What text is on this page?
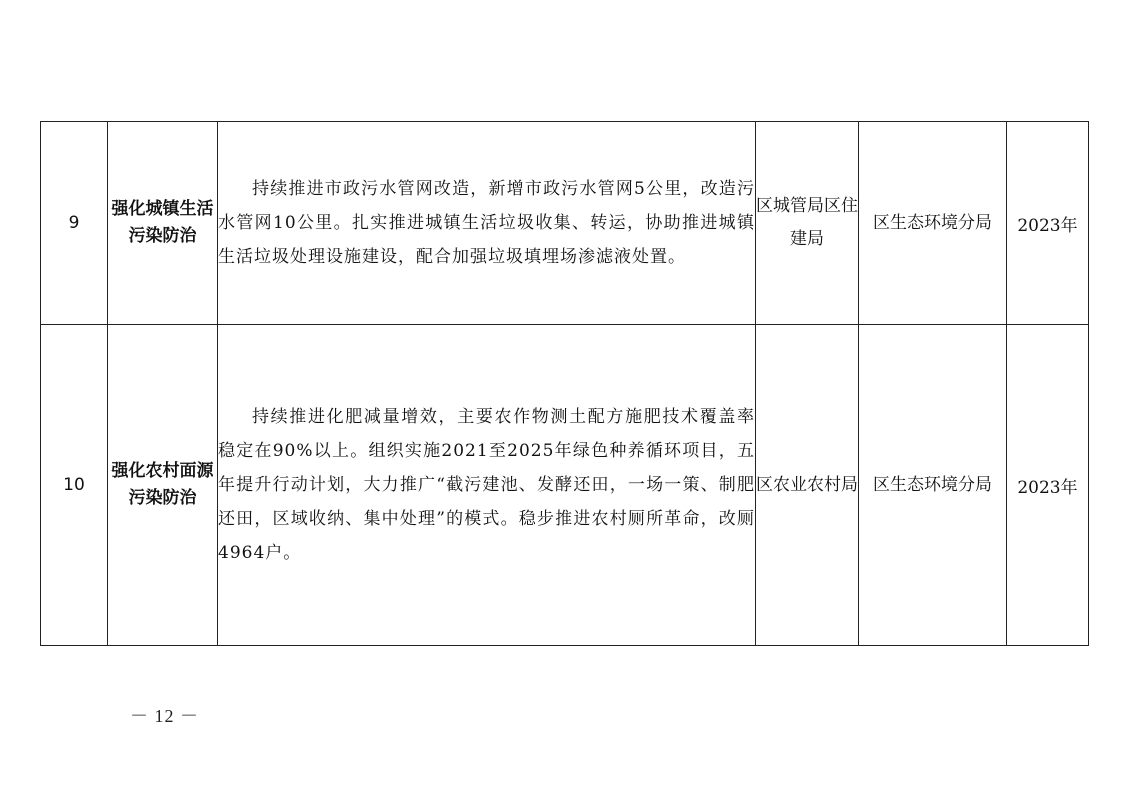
9	强化城镇生活污染防治	持续推进市政污水管网改造，新增市政污水管网5公里，改造污水管网10公里。扎实推进城镇生活垃圾收集、转运，协助推进城镇生活垃圾处理设施建设，配合加强垃圾填埋场渗滤液处置。	区城管局区住建局	区生态环境分局	2023年
10	强化农村面源污染防治	持续推进化肥减量增效，主要农作物测土配方施肥技术覆盖率稳定在90%以上。组织实施2021至2025年绿色种养循环项目，五年提升行动计划，大力推广“截污建池、发酵还田，一场一策、制肥还田，区域收纳、集中处理”的模式。稳步推进农村厕所革命，改厕4964户。	区农业农村局	区生态环境分局	2023年
－ 12 －
